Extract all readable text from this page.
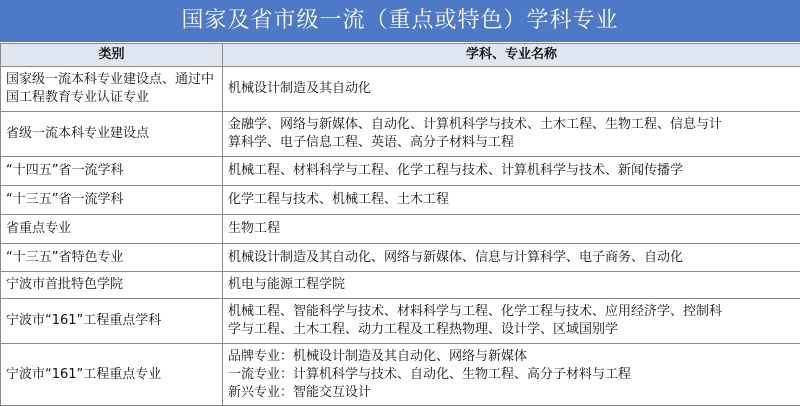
国家及省市级一流（重点或特色）学科专业
类别	学科、专业名称
国家级一流本科专业建设点、通过中国工程教育专业认证专业	机械设计制造及其自动化

省级一流本科专业建设点	金融学、网络与新媒体、自动化、计算机科学与技术、土木工程、生物工程、信息与计
算科学、电子信息工程、英语、高分子材料与工程

“十四五”省一流学科	机械工程、材料科学与工程、化学工程与技术、计算机科学与技术、新闻传播学

“十三五”省一流学科	化学工程与技术、机械工程、土木工程

省重点专业	生物工程

“十三五”省特色专业	机械设计制造及其自动化、网络与新媒体、信息与计算科学、电子商务、自动化

宁波市首批特色学院	机电与能源工程学院

宁波市“161”工程重点学科	机械工程、智能科学与技术、材料科学与工程、化学工程与技术、应用经济学、控制科
学与工程、土木工程、动力工程及工程热物理、设计学、区域国别学

宁波市“161”工程重点专业	品牌专业：机械设计制造及其自动化、网络与新媒体
一流专业：计算机科学与技术、自动化、生物工程、高分子材料与工程
新兴专业：智能交互设计
